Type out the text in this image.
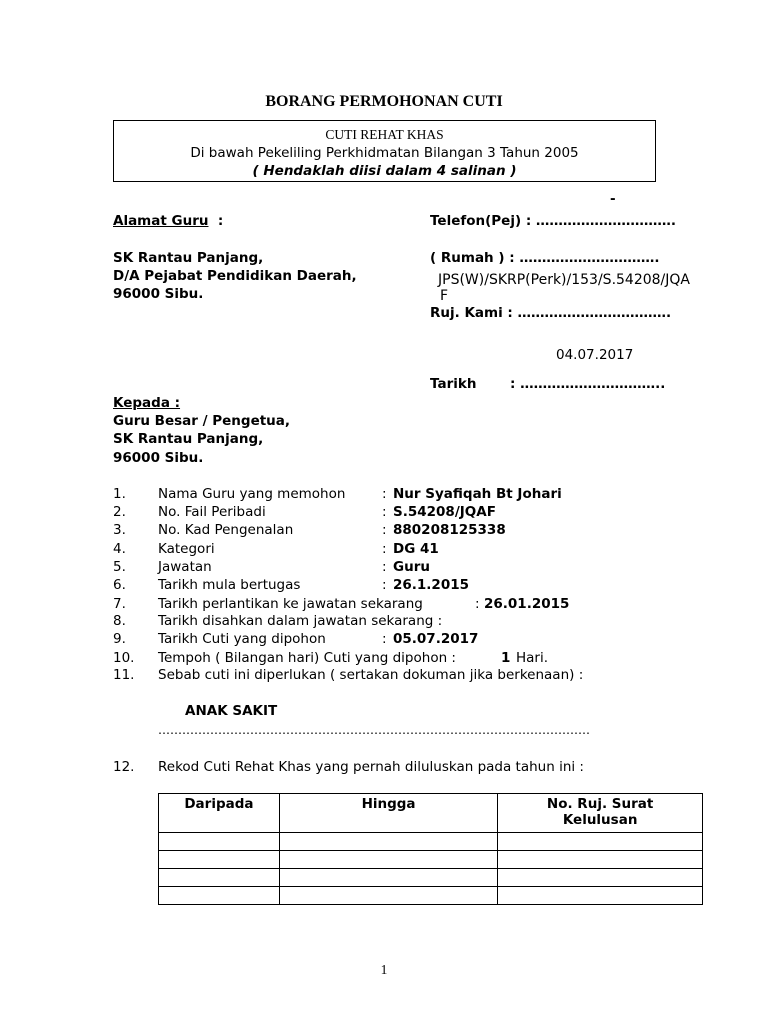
BORANG PERMOHONAN CUTI
CUTI REHAT KHAS
Di bawah Pekeliling Perkhidmatan Bilangan 3 Tahun 2005
( Hendaklah diisi dalam 4 salinan )
-
Alamat Guru :
SK Rantau Panjang,
D/A Pejabat Pendidikan Daerah,
96000 Sibu.
Telefon(Pej) : ………………………….
( Rumah ) : ………………………….
JPS(W)/SKRP(Perk)/153/S.54208/JQA
F
Ruj. Kami : …………………………….
04.07.2017
Tarikh : …………………………..
Kepada :
Guru Besar / Pengetua,
SK Rantau Panjang,
96000 Sibu.
1. Nama Guru yang memohon	: Nur Syafiqah Bt Johari
2. No. Fail Peribadi	: S.54208/JQAF
3. No. Kad Pengenalan	: 880208125338
4. Kategori	: DG 41
5. Jawatan	: Guru
6. Tarikh mula bertugas	: 26.1.2015
7. Tarikh perlantikan ke jawatan sekarang	: 26.01.2015
8. Tarikh disahkan dalam jawatan sekarang :
9. Tarikh Cuti yang dipohon	: 05.07.2017
10. Tempoh ( Bilangan hari) Cuti yang dipohon :	1 Hari.
11. Sebab cuti ini diperlukan ( sertakan dokuman jika berkenaan) :
ANAK SAKIT
………………………………………………………………………………………………
12. Rekod Cuti Rehat Khas yang pernah diluluskan pada tahun ini :
Daripada	Hingga	No. Ruj. Surat Kelulusan

1
